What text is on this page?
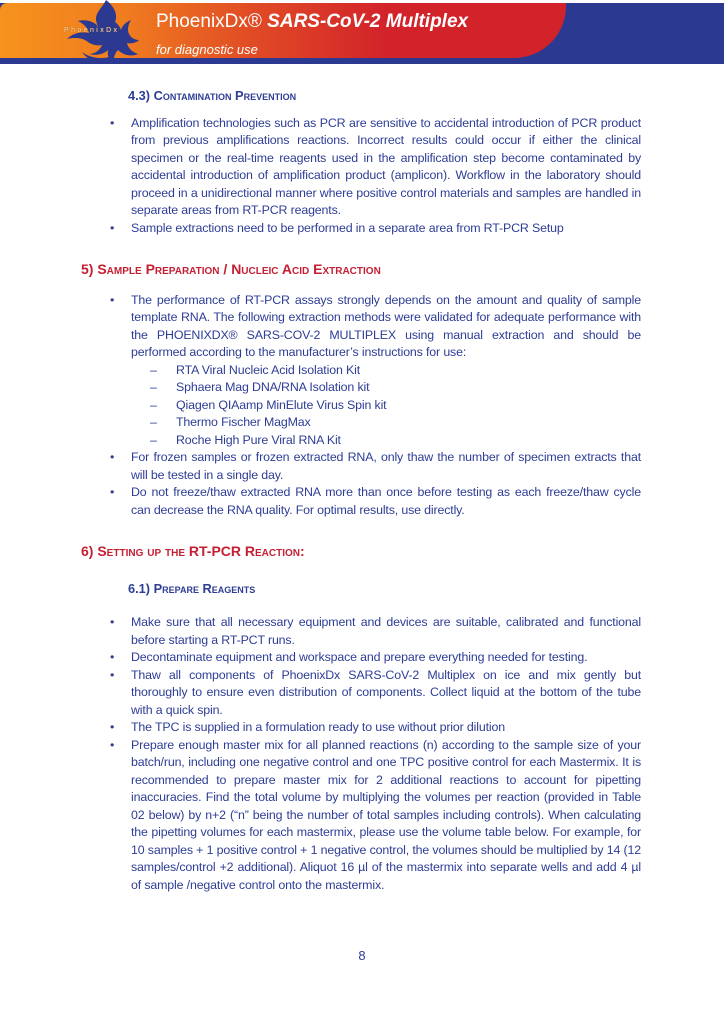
PhoenixDx PhoenixDx® SARS-CoV-2 Multiplex
for diagnostic use
4.3) Contamination Prevention
•	Amplification technologies such as PCR are sensitive to accidental introduction of PCR product from previous amplifications reactions. Incorrect results could occur if either the clinical specimen or the real-time reagents used in the amplification step become contaminated by accidental introduction of amplification product (amplicon). Workflow in the laboratory should proceed in a unidirectional manner where positive control materials and samples are handled in separate areas from RT-PCR reagents.
•	Sample extractions need to be performed in a separate area from RT-PCR Setup
5) Sample Preparation / Nucleic Acid Extraction
•	The performance of RT-PCR assays strongly depends on the amount and quality of sample template RNA. The following extraction methods were validated for adequate performance with the PHOENIXDX® SARS-COV-2 MULTIPLEX using manual extraction and should be performed according to the manufacturer’s instructions for use:
–	RTA Viral Nucleic Acid Isolation Kit
–	Sphaera Mag DNA/RNA Isolation kit
–	Qiagen QIAamp MinElute Virus Spin kit
–	Thermo Fischer MagMax
–	Roche High Pure Viral RNA Kit
•	For frozen samples or frozen extracted RNA, only thaw the number of specimen extracts that will be tested in a single day.
•	Do not freeze/thaw extracted RNA more than once before testing as each freeze/thaw cycle can decrease the RNA quality. For optimal results, use directly.
6) Setting up the RT-PCR Reaction:
6.1) Prepare Reagents
•	Make sure that all necessary equipment and devices are suitable, calibrated and functional before starting a RT-PCT runs.
•	Decontaminate equipment and workspace and prepare everything needed for testing.
•	Thaw all components of PhoenixDx SARS-CoV-2 Multiplex on ice and mix gently but thoroughly to ensure even distribution of components. Collect liquid at the bottom of the tube with a quick spin.
•	The TPC is supplied in a formulation ready to use without prior dilution
•	Prepare enough master mix for all planned reactions (n) according to the sample size of your batch/run, including one negative control and one TPC positive control for each Mastermix. It is recommended to prepare master mix for 2 additional reactions to account for pipetting inaccuracies. Find the total volume by multiplying the volumes per reaction (provided in Table 02 below) by n+2 (“n” being the number of total samples including controls). When calculating the pipetting volumes for each mastermix, please use the volume table below. For example, for 10 samples + 1 positive control + 1 negative control, the volumes should be multiplied by 14 (12 samples/control +2 additional). Aliquot 16 µl of the mastermix into separate wells and add 4 µl of sample /negative control onto the mastermix.
8
